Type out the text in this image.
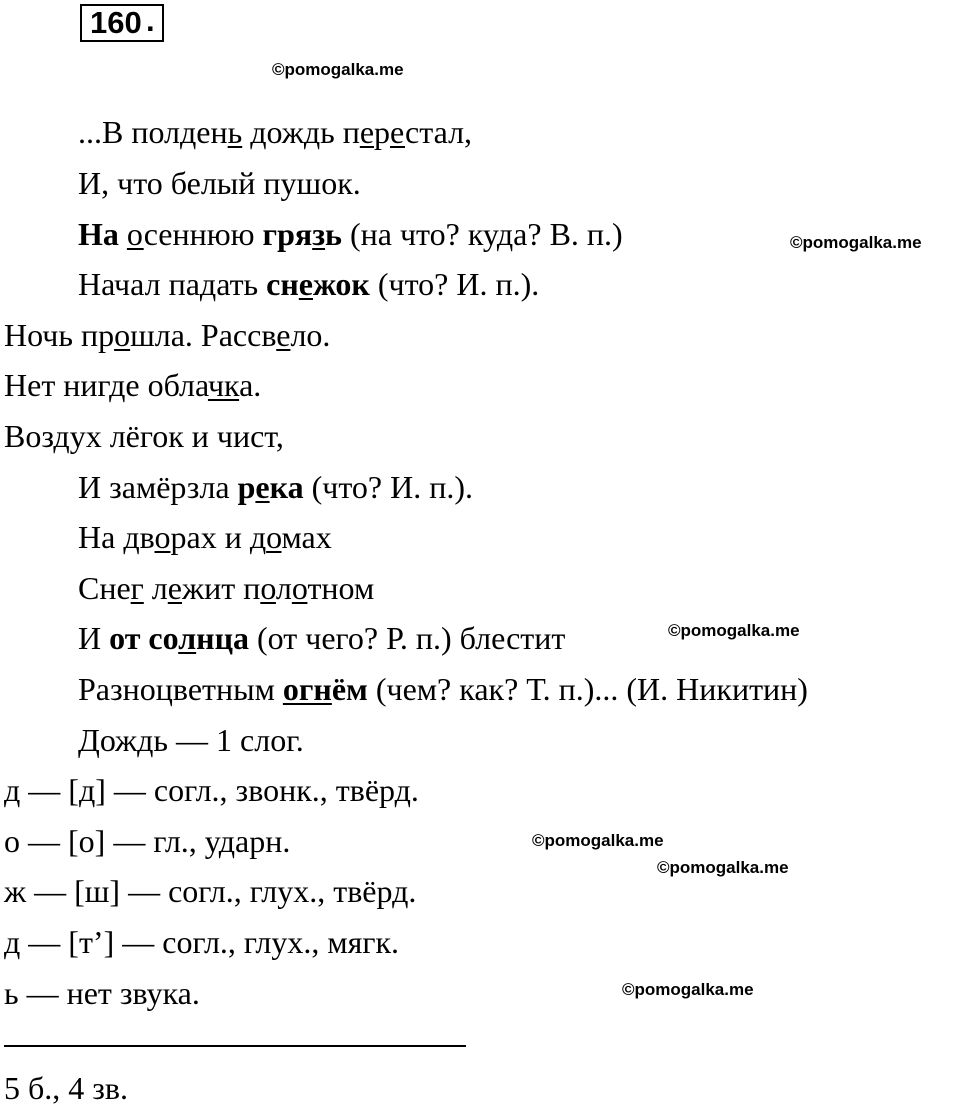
160 .
©pomogalka.me
©pomogalka.me
©pomogalka.me
©pomogalka.me
©pomogalka.me
©pomogalka.me
...В полдень дождь перестал,
И, что белый пушок.
На осеннюю грязь (на что? куда? В. п.)
Начал падать снежок (что? И. п.).
Ночь прошла. Рассвело.
Нет нигде облачка.
Воздух лёгок и чист,
И замёрзла река (что? И. п.).
На дворах и домах
Снег лежит полотном
И от солнца (от чего? Р. п.) блестит
Разноцветным огнём (чем? как? Т. п.)... (И. Никитин)
Дождь — 1 слог.
д — [д] — согл., звонк., твёрд.
о — [о] — гл., ударн.
ж — [ш] — согл., глух., твёрд.
д — [т’] — согл., глух., мягк.
ь — нет звука.
5 б., 4 зв.
